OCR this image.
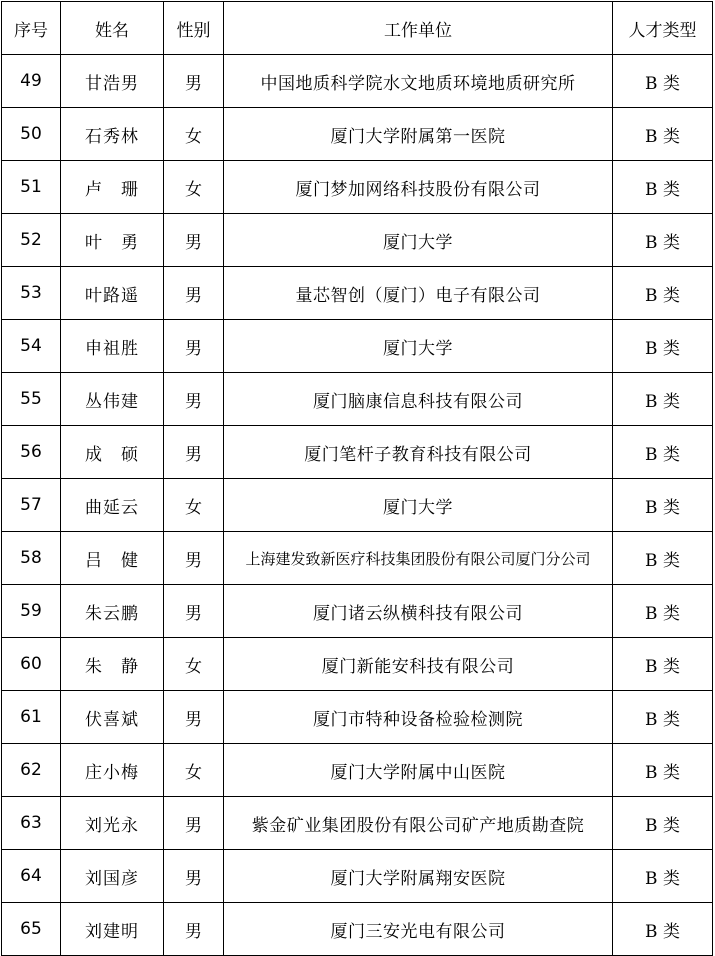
序号	姓名	性别	工作单位	人才类型
49	甘浩男	男	中国地质科学院水文地质环境地质研究所	B 类
50	石秀林	女	厦门大学附属第一医院	B 类
51	卢　珊	女	厦门梦加网络科技股份有限公司	B 类
52	叶　勇	男	厦门大学	B 类
53	叶路遥	男	量芯智创（厦门）电子有限公司	B 类
54	申祖胜	男	厦门大学	B 类
55	丛伟建	男	厦门脑康信息科技有限公司	B 类
56	成　硕	男	厦门笔杆子教育科技有限公司	B 类
57	曲延云	女	厦门大学	B 类
58	吕　健	男	上海建发致新医疗科技集团股份有限公司厦门分公司	B 类
59	朱云鹏	男	厦门诸云纵横科技有限公司	B 类
60	朱　静	女	厦门新能安科技有限公司	B 类
61	伏喜斌	男	厦门市特种设备检验检测院	B 类
62	庄小梅	女	厦门大学附属中山医院	B 类
63	刘光永	男	紫金矿业集团股份有限公司矿产地质勘查院	B 类
64	刘国彦	男	厦门大学附属翔安医院	B 类
65	刘建明	男	厦门三安光电有限公司	B 类
